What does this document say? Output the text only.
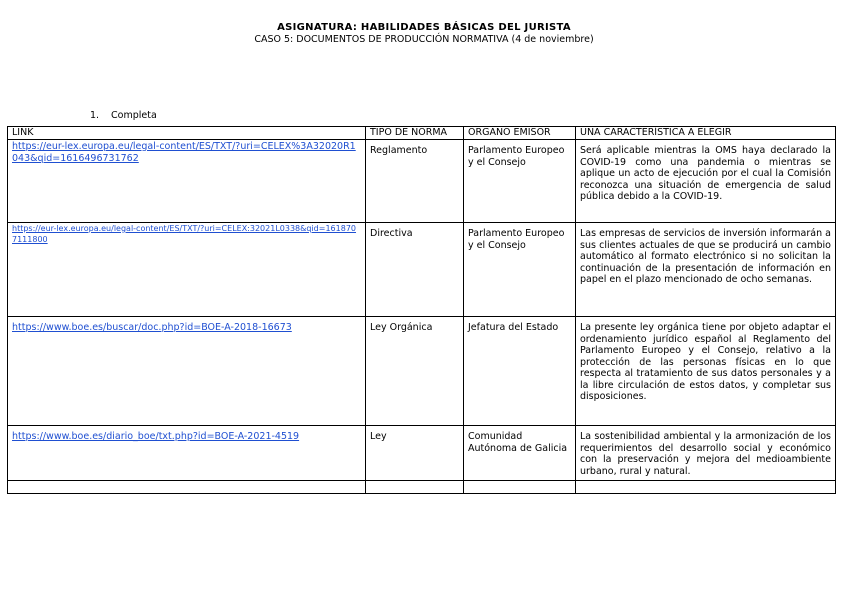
ASIGNATURA: HABILIDADES BÁSICAS DEL JURISTA
CASO 5: DOCUMENTOS DE PRODUCCIÓN NORMATIVA (4 de noviembre)
1. Completa
LINK	TIPO DE NORMA	ORGANO EMISOR	UNA CARACTERÍSTICA A ELEGIR

https://eur-lex.europa.eu/legal-content/ES/TXT/?uri=CELEX%3A32020R1043&qid=1616496731762	Reglamento	Parlamento Europeo y el Consejo	Será aplicable mientras la OMS haya declarado la COVID-19 como una pandemia o mientras se aplique un acto de ejecución por el cual la Comisión reconozca una situación de emergencia de salud pública debido a la COVID-19.

https://eur-lex.europa.eu/legal-content/ES/TXT/?uri=CELEX:32021L0338&qid=1618707111800	Directiva	Parlamento Europeo y el Consejo	Las empresas de servicios de inversión informarán a sus clientes actuales de que se producirá un cambio automático al formato electrónico si no solicitan la continuación de la presentación de información en papel en el plazo mencionado de ocho semanas.

https://www.boe.es/buscar/doc.php?id=BOE-A-2018-16673	Ley Orgánica	Jefatura del Estado	La presente ley orgánica tiene por objeto adaptar el ordenamiento jurídico español al Reglamento del Parlamento Europeo y el Consejo, relativo a la protección de las personas físicas en lo que respecta al tratamiento de sus datos personales y a la libre circulación de estos datos, y completar sus disposiciones.

https://www.boe.es/diario_boe/txt.php?id=BOE-A-2021-4519	Ley	Comunidad Autónoma de Galicia	La sostenibilidad ambiental y la armonización de los requerimientos del desarrollo social y económico con la preservación y mejora del medioambiente urbano, rural y natural.
